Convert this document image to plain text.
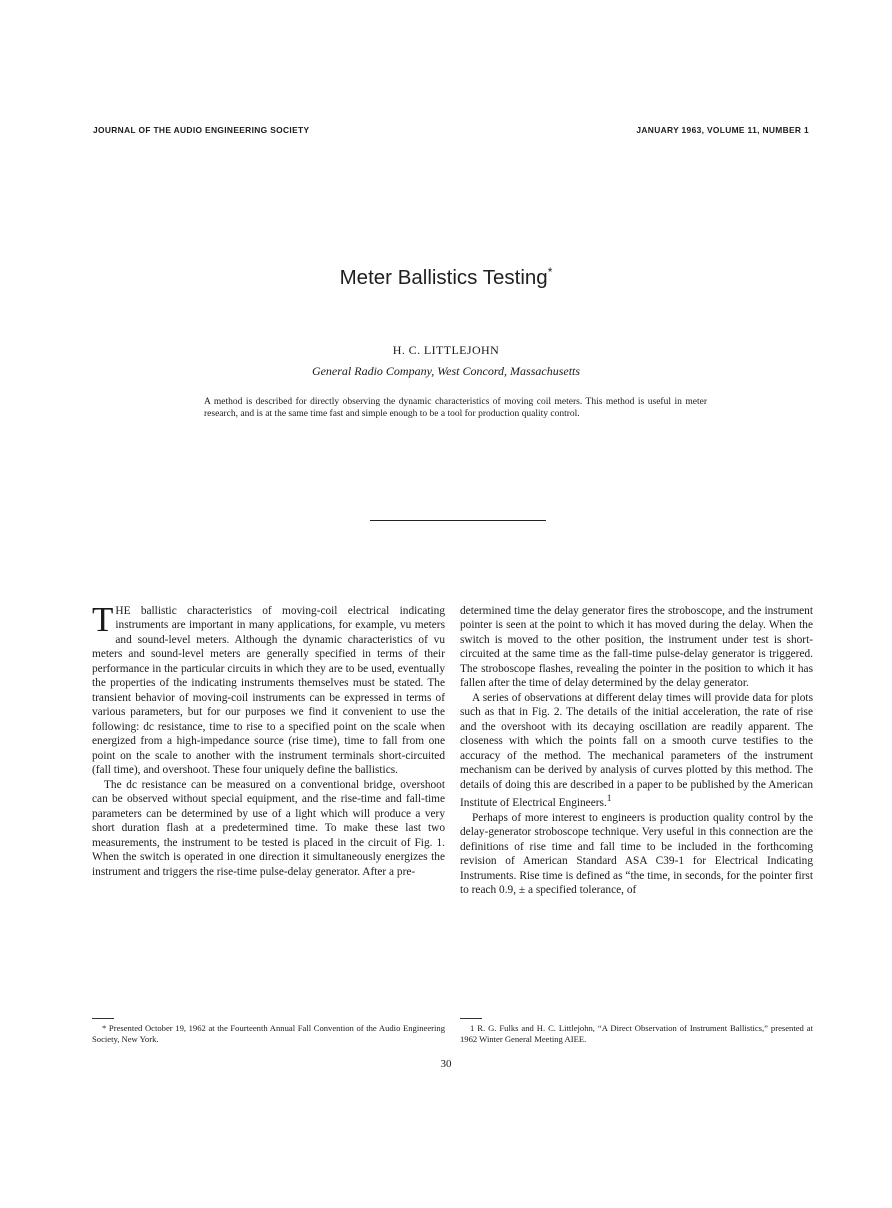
JOURNAL OF THE AUDIO ENGINEERING SOCIETY	JANUARY 1963, VOLUME 11, NUMBER 1
Meter Ballistics Testing*
H. C. LITTLEJOHN
General Radio Company, West Concord, Massachusetts
A method is described for directly observing the dynamic characteristics of moving coil meters. This method is useful in meter research, and is at the same time fast and simple enough to be a tool for production quality control.

THE ballistic characteristics of moving-coil electrical indicating instruments are important in many applications, for example, vu meters and sound-level meters. Although the dynamic characteristics of vu meters and sound-level meters are generally specified in terms of their performance in the particular circuits in which they are to be used, eventually the properties of the indicating instruments themselves must be stated. The transient behavior of moving-coil instruments can be expressed in terms of various parameters, but for our purposes we find it convenient to use the following: dc resistance, time to rise to a specified point on the scale when energized from a high-impedance source (rise time), time to fall from one point on the scale to another with the instrument terminals short-circuited (fall time), and overshoot. These four uniquely define the ballistics.

The dc resistance can be measured on a conventional bridge, overshoot can be observed without special equipment, and the rise-time and fall-time parameters can be determined by use of a light which will produce a very short duration flash at a predetermined time. To make these last two measurements, the instrument to be tested is placed in the circuit of Fig. 1. When the switch is operated in one direction it simultaneously energizes the instrument and triggers the rise-time pulse-delay generator. After a pre-

determined time the delay generator fires the stroboscope, and the instrument pointer is seen at the point to which it has moved during the delay. When the switch is moved to the other position, the instrument under test is short-circuited at the same time as the fall-time pulse-delay generator is triggered. The stroboscope flashes, revealing the pointer in the position to which it has fallen after the time of delay determined by the delay generator.

A series of observations at different delay times will provide data for plots such as that in Fig. 2. The details of the initial acceleration, the rate of rise and the overshoot with its decaying oscillation are readily apparent. The closeness with which the points fall on a smooth curve testifies to the accuracy of the method. The mechanical parameters of the instrument mechanism can be derived by analysis of curves plotted by this method. The details of doing this are described in a paper to be published by the American Institute of Electrical Engineers.$^1$

Perhaps of more interest to engineers is production quality control by the delay-generator stroboscope technique. Very useful in this connection are the definitions of rise time and fall time to be included in the forthcoming revision of American Standard ASA C39-1 for Electrical Indicating Instruments. Rise time is defined as “the time, in seconds, for the pointer first to reach 0.9, ± a specified tolerance, of

* Presented October 19, 1962 at the Fourteenth Annual Fall Convention of the Audio Engineering Society, New York.

1 R. G. Fulks and H. C. Littlejohn, “A Direct Observation of Instrument Ballistics,” presented at 1962 Winter General Meeting AIEE.

30
